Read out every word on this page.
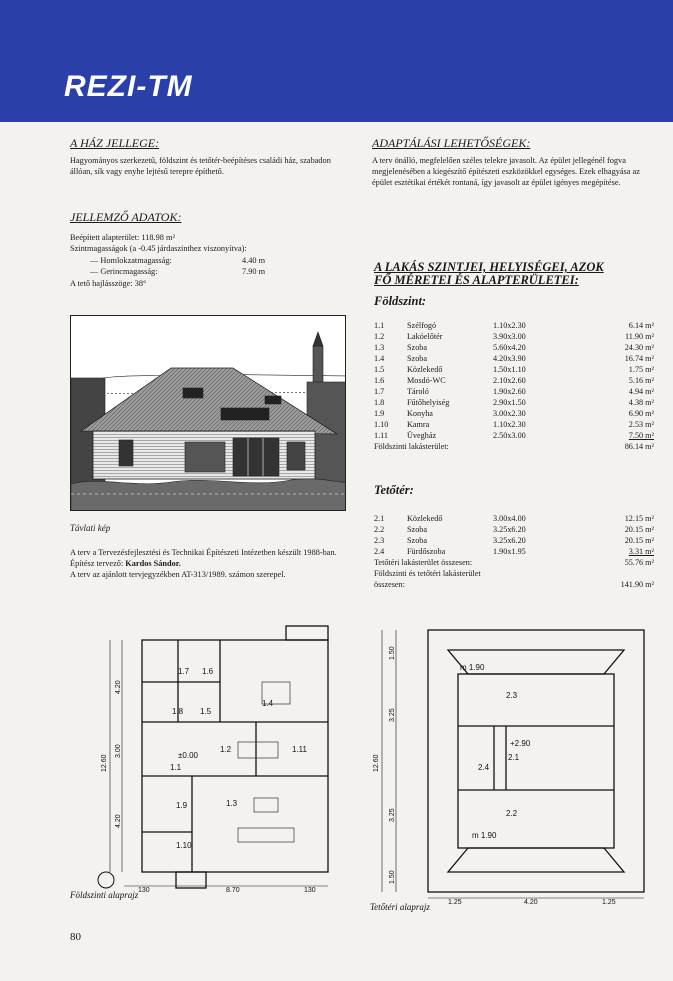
REZI-TM
A HÁZ JELLEGE:
Hagyományos szerkezetű, földszint és tetőtér-beépítéses családi ház, szabadon állóan, sík vagy enyhe lejtésű terepre építhető.
JELLEMZŐ ADATOK:
Beépített alapterület: 118.98 m²
Szintmagasságok (a -0.45 járdaszinthez viszonyítva):
— Homlokzatmagasság:	4.40 m
— Gerincmagasság:	7.90 m
A tető hajlásszöge: 38°
Távlati kép
A terv a Tervezésfejlesztési és Technikai Építészeti Intézetben készült 1988-ban. Építész tervező: Kardos Sándor.
A terv az ajánlott tervjegyzékben AT-313/1989. számon szerepel.
ADAPTÁLÁSI LEHETŐSÉGEK:
A terv önálló, megfelelően széles telekre javasolt. Az épület jellegénél fogva megjelenésében a kiegészítő építészeti eszközökkel egységes. Ezek elhagyása az épület esztétikai értékét rontaná, így javasolt az épület igényes megépítése.
A LAKÁS SZINTJEI, HELYISÉGEI, AZOK
FŐ MÉRETEI ÉS ALAPTERÜLETEI:
Földszint:
1.1	Szélfogó	1.10x2.30	6.14 m²
1.2	Lakóelőtér	3.90x3.00	11.90 m²
1.3	Szoba	5.60x4.20	24.30 m²
1.4	Szoba	4.20x3.90	16.74 m²
1.5	Közlekedő	1.50x1.10	1.75 m²
1.6	Mosdó-WC	2.10x2.60	5.16 m²
1.7	Tároló	1.90x2.60	4.94 m²
1.8	Fűtőhelyiség	2.90x1.50	4.38 m²
1.9	Konyha	3.00x2.30	6.90 m²
1.10	Kamra	1.10x2.30	2.53 m²
1.11	Üvegház	2.50x3.00	7.50 m²
Földszinti lakásterület:			86.14 m²
Tetőtér:
2.1	Közlekedő	3.00x4.00	12.15 m²
2.2	Szoba	3.25x6.20	20.15 m²
2.3	Szoba	3.25x6.20	20.15 m²
2.4	Fürdőszoba	1.90x1.95	3.31 m²
Tetőtéri lakásterület összesen:			55.76 m²
Földszinti és tetőtéri lakásterület			
összesen:			141.90 m²
1.7 1.6
1.8 1.5
1.4
1.2	1.11
1.1
1.9	1.3
1.10
±0.00
12.60
4.20
3.00
4.20
130	8.70	130
Földszinti alaprajz
2.3
2.4
2.1
2.2
m 1.90
+2.90
m 1.90
12.60
1.50
3.25
3.25
1.50
1.25	4.20	1.25
Tetőtéri alaprajz
80
